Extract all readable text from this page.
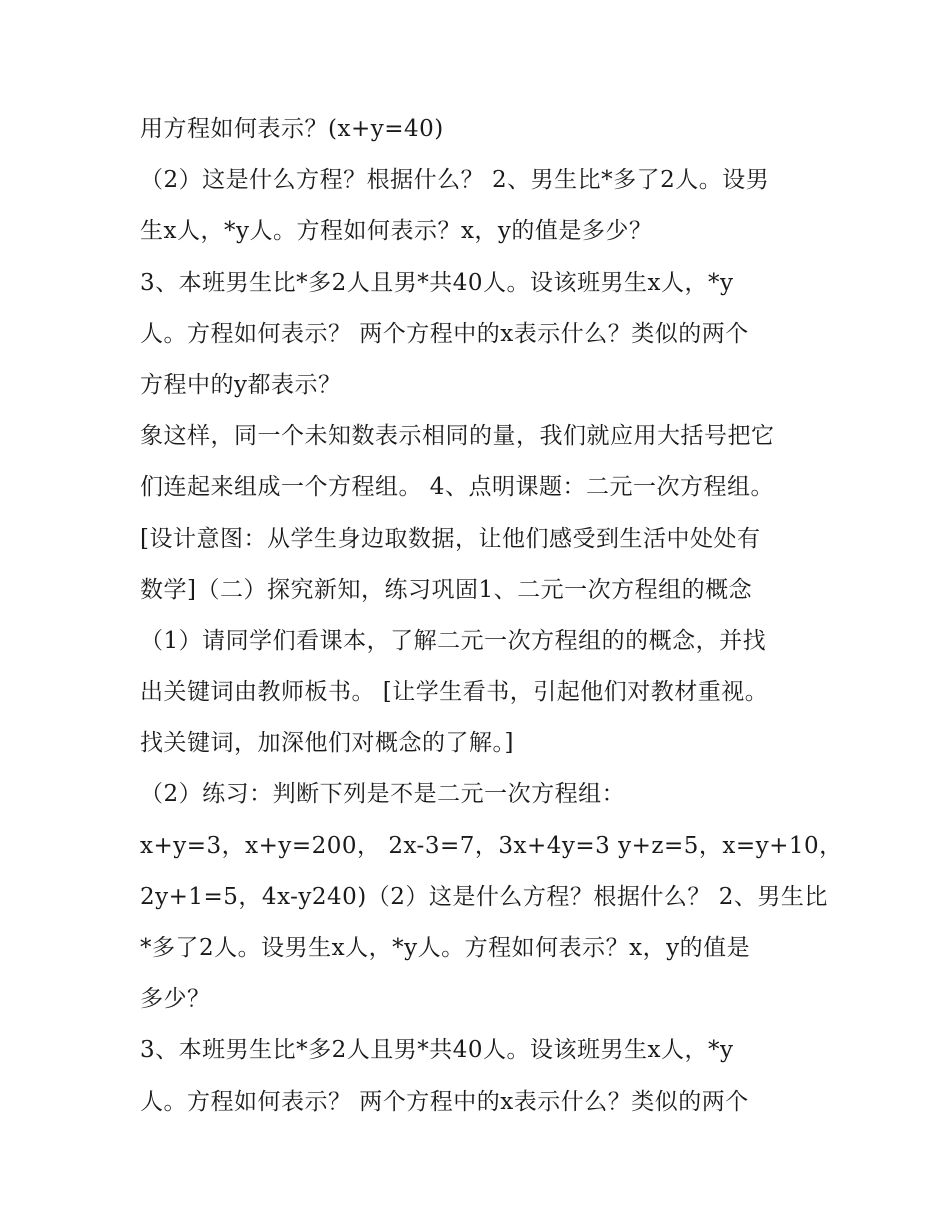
用方程如何表示？(x+y=40)
（2）这是什么方程？根据什么？ 2、男生比*多了2人。设男
生x人，*y人。方程如何表示？x，y的值是多少？
3、本班男生比*多2人且男*共40人。设该班男生x人，*y
人。方程如何表示？ 两个方程中的x表示什么？类似的两个
方程中的y都表示？
象这样，同一个未知数表示相同的量，我们就应用大括号把它
们连起来组成一个方程组。 4、点明课题：二元一次方程组。
[设计意图：从学生身边取数据，让他们感受到生活中处处有
数学]（二）探究新知，练习巩固1、二元一次方程组的概念
（1）请同学们看课本，了解二元一次方程组的的概念，并找
出关键词由教师板书。 [让学生看书，引起他们对教材重视。
找关键词，加深他们对概念的了解。]
（2）练习：判断下列是不是二元一次方程组：
x+y=3，x+y=200， 2x-3=7，3x+4y=3 y+z=5，x=y+10，
2y+1=5，4x-y240)（2）这是什么方程？根据什么？ 2、男生比
*多了2人。设男生x人，*y人。方程如何表示？x，y的值是
多少？
3、本班男生比*多2人且男*共40人。设该班男生x人，*y
人。方程如何表示？ 两个方程中的x表示什么？类似的两个
